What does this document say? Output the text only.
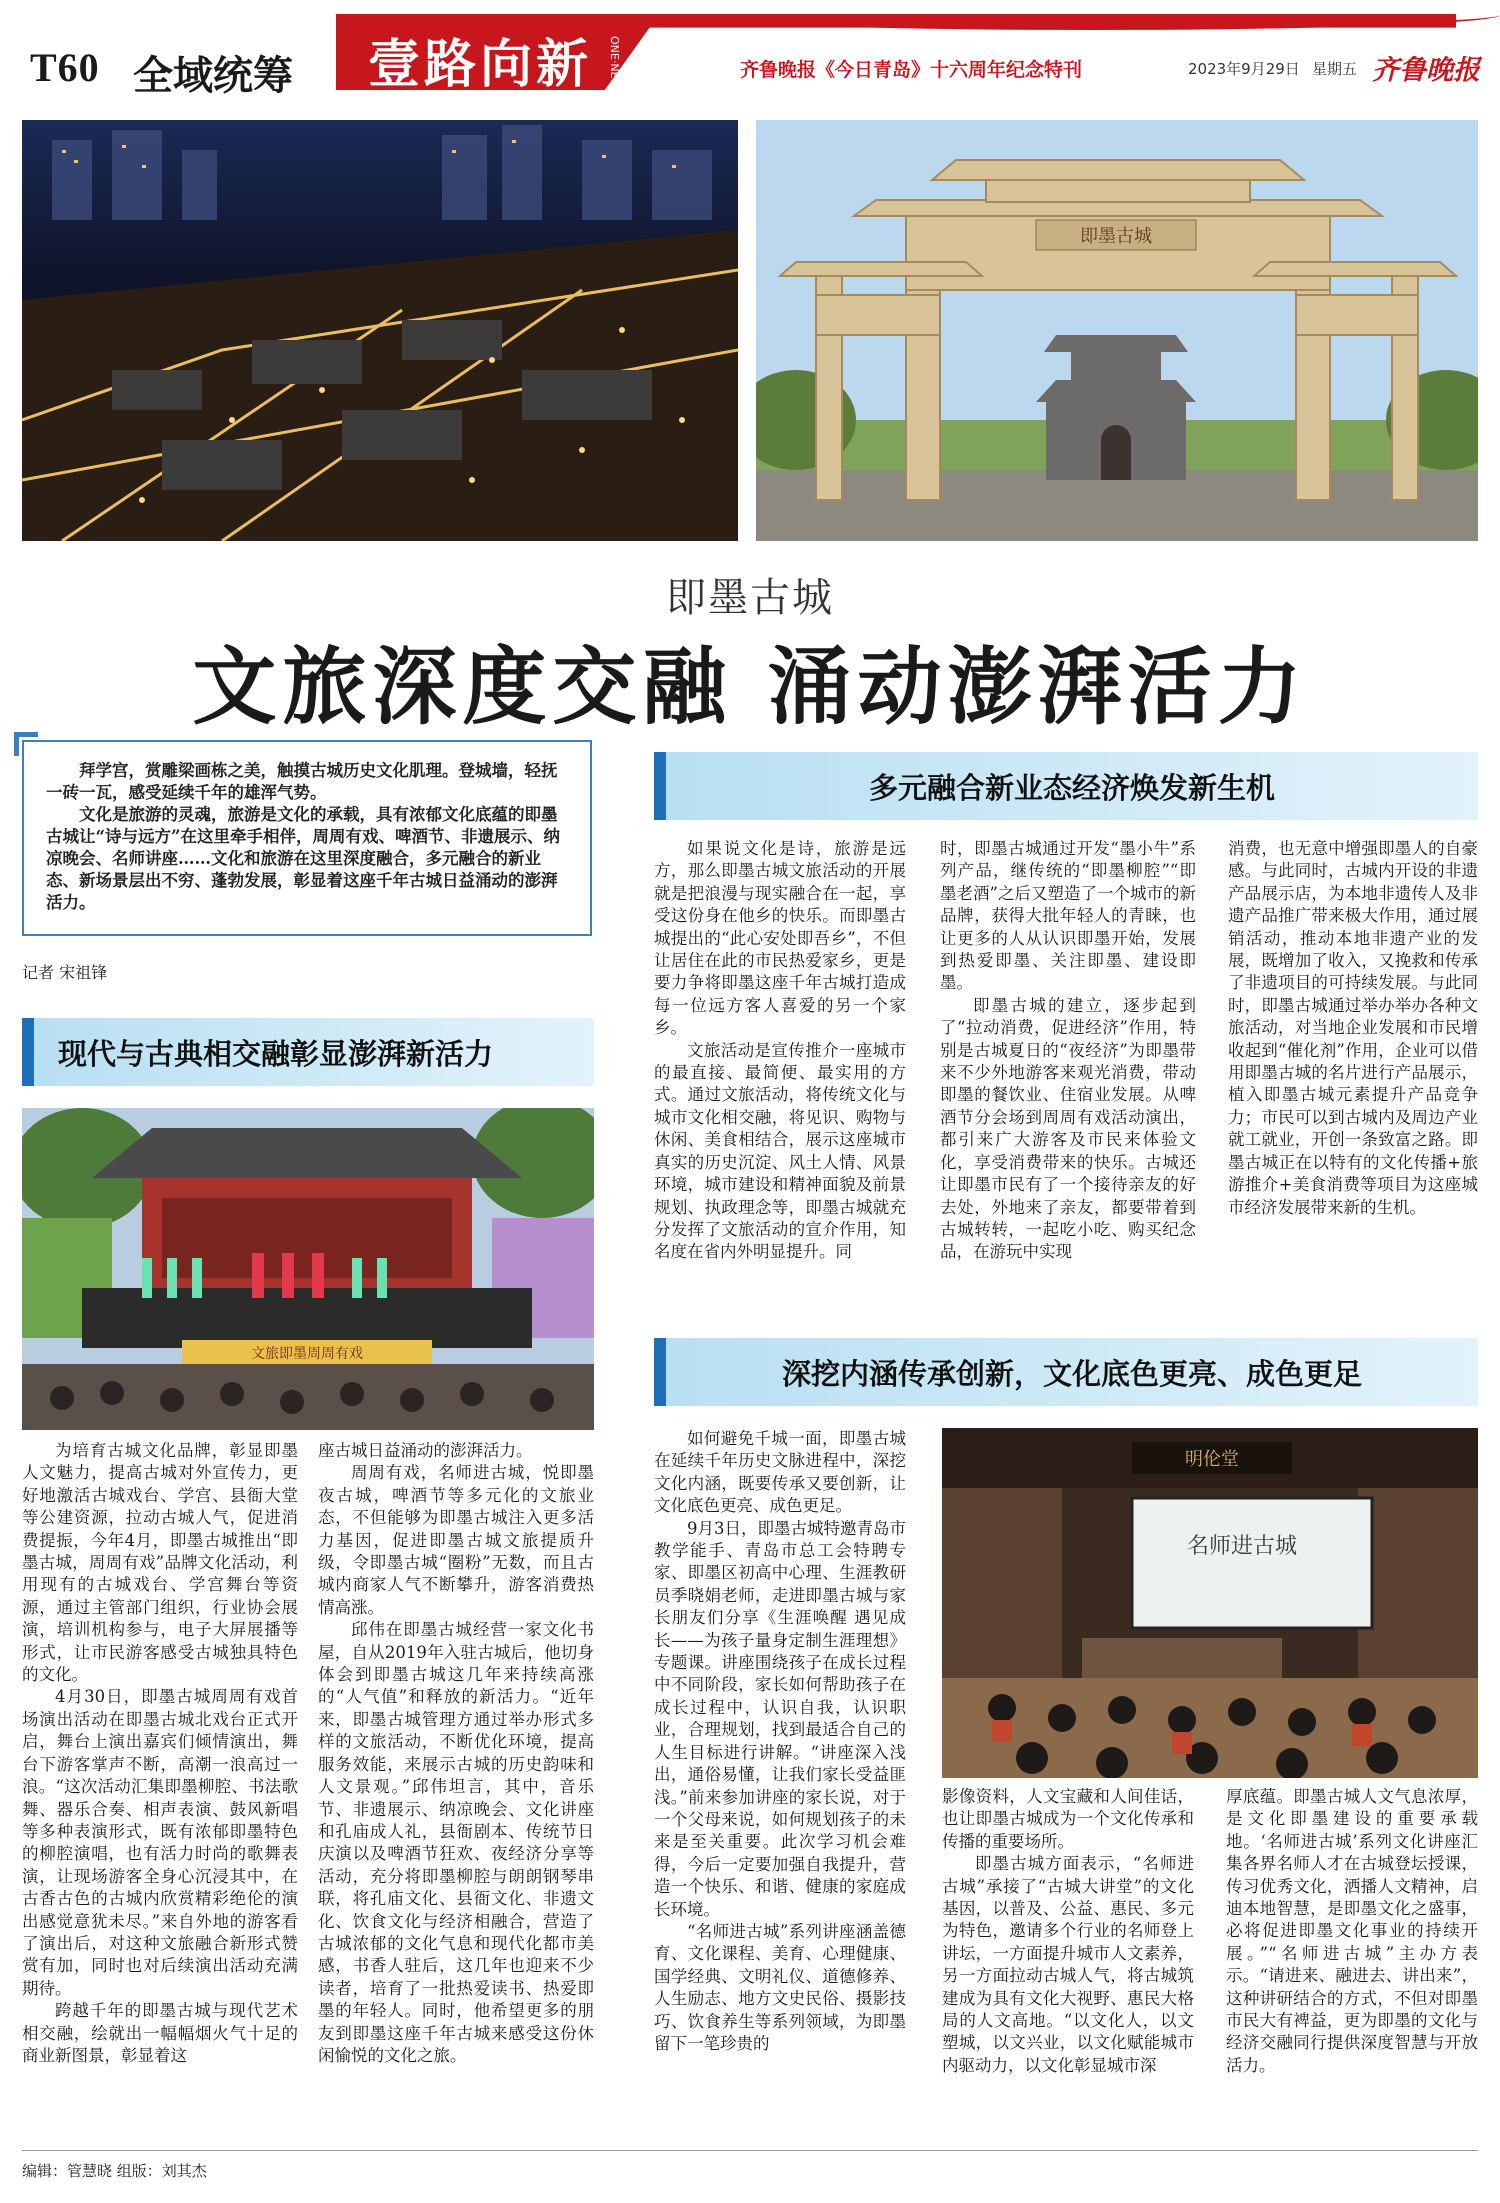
T60 全域统筹 壹路向新 ONE·NEWS	齐鲁晚报《今日青岛》十六周年纪念特刊	2023年9月29日 星期五 齐鲁晚报
即墨古城
即墨古城
文旅深度交融 涌动澎湃活力

拜学宫，赏雕梁画栋之美，触摸古城历史文化肌理。登城墙，轻抚一砖一瓦，感受延续千年的雄浑气势。

文化是旅游的灵魂，旅游是文化的承载，具有浓郁文化底蕴的即墨古城让“诗与远方”在这里牵手相伴，周周有戏、啤酒节、非遗展示、纳凉晚会、名师讲座……文化和旅游在这里深度融合，多元融合的新业态、新场景层出不穷、蓬勃发展，彰显着这座千年古城日益涌动的澎湃活力。

记者 宋祖锋
现代与古典相交融彰显澎湃新活力
文旅即墨周周有戏

为培育古城文化品牌，彰显即墨人文魅力，提高古城对外宣传力，更好地激活古城戏台、学宫、县衙大堂等公建资源，拉动古城人气，促进消费提振，今年4月，即墨古城推出“即墨古城，周周有戏”品牌文化活动，利用现有的古城戏台、学宫舞台等资源，通过主管部门组织，行业协会展演，培训机构参与，电子大屏展播等形式，让市民游客感受古城独具特色的文化。

4月30日，即墨古城周周有戏首场演出活动在即墨古城北戏台正式开启，舞台上演出嘉宾们倾情演出，舞台下游客掌声不断，高潮一浪高过一浪。“这次活动汇集即墨柳腔、书法歌舞、器乐合奏、相声表演、鼓风新唱等多种表演形式，既有浓郁即墨特色的柳腔演唱，也有活力时尚的歌舞表演，让现场游客全身心沉浸其中，在古香古色的古城内欣赏精彩绝伦的演出感觉意犹未尽。”来自外地的游客看了演出后，对这种文旅融合新形式赞赏有加，同时也对后续演出活动充满期待。

跨越千年的即墨古城与现代艺术相交融，绘就出一幅幅烟火气十足的商业新图景，彰显着这

座古城日益涌动的澎湃活力。

周周有戏，名师进古城，悦即墨夜古城，啤酒节等多元化的文旅业态，不但能够为即墨古城注入更多活力基因，促进即墨古城文旅提质升级，令即墨古城“圈粉”无数，而且古城内商家人气不断攀升，游客消费热情高涨。

邱伟在即墨古城经营一家文化书屋，自从2019年入驻古城后，他切身体会到即墨古城这几年来持续高涨的“人气值”和释放的新活力。“近年来，即墨古城管理方通过举办形式多样的文旅活动，不断优化环境，提高服务效能，来展示古城的历史韵味和人文景观。”邱伟坦言，其中，音乐节、非遗展示、纳凉晚会、文化讲座和孔庙成人礼，县衙剧本、传统节日庆演以及啤酒节狂欢、夜经济分享等活动，充分将即墨柳腔与朗朗钢琴串联，将孔庙文化、县衙文化、非遗文化、饮食文化与经济相融合，营造了古城浓郁的文化气息和现代化都市美感，书香人驻后，这几年也迎来不少读者，培育了一批热爱读书、热爱即墨的年轻人。同时，他希望更多的朋友到即墨这座千年古城来感受这份休闲愉悦的文化之旅。

多元融合新业态经济焕发新生机

如果说文化是诗，旅游是远方，那么即墨古城文旅活动的开展就是把浪漫与现实融合在一起，享受这份身在他乡的快乐。而即墨古城提出的“此心安处即吾乡”，不但让居住在此的市民热爱家乡，更是要力争将即墨这座千年古城打造成每一位远方客人喜爱的另一个家乡。

文旅活动是宣传推介一座城市的最直接、最简便、最实用的方式。通过文旅活动，将传统文化与城市文化相交融，将见识、购物与休闲、美食相结合，展示这座城市真实的历史沉淀、风土人情、风景环境，城市建设和精神面貌及前景规划、执政理念等，即墨古城就充分发挥了文旅活动的宣介作用，知名度在省内外明显提升。同

时，即墨古城通过开发“墨小牛”系列产品，继传统的“即墨柳腔”“即墨老酒”之后又塑造了一个城市的新品牌，获得大批年轻人的青睐，也让更多的人从认识即墨开始，发展到热爱即墨、关注即墨、建设即墨。

即墨古城的建立，逐步起到了“拉动消费，促进经济”作用，特别是古城夏日的“夜经济”为即墨带来不少外地游客来观光消费，带动即墨的餐饮业、住宿业发展。从啤酒节分会场到周周有戏活动演出，都引来广大游客及市民来体验文化，享受消费带来的快乐。古城还让即墨市民有了一个接待亲友的好去处，外地来了亲友，都要带着到古城转转，一起吃小吃、购买纪念品，在游玩中实现

消费，也无意中增强即墨人的自豪感。与此同时，古城内开设的非遗产品展示店，为本地非遗传人及非遗产品推广带来极大作用，通过展销活动，推动本地非遗产业的发展，既增加了收入，又挽救和传承了非遗项目的可持续发展。与此同时，即墨古城通过举办举办各种文旅活动，对当地企业发展和市民增收起到“催化剂”作用，企业可以借用即墨古城的名片进行产品展示，植入即墨古城元素提升产品竞争力；市民可以到古城内及周边产业就工就业，开创一条致富之路。即墨古城正在以特有的文化传播+旅游推介+美食消费等项目为这座城市经济发展带来新的生机。

深挖内涵传承创新，文化底色更亮、成色更足

如何避免千城一面，即墨古城在延续千年历史文脉进程中，深挖文化内涵，既要传承又要创新，让文化底色更亮、成色更足。

9月3日，即墨古城特邀青岛市教学能手、青岛市总工会特聘专家、即墨区初高中心理、生涯教研员季晓娟老师，走进即墨古城与家长朋友们分享《生涯唤醒 遇见成长——为孩子量身定制生涯理想》专题课。讲座围绕孩子在成长过程中不同阶段，家长如何帮助孩子在成长过程中，认识自我，认识职业，合理规划，找到最适合自己的人生目标进行讲解。“讲座深入浅出，通俗易懂，让我们家长受益匪浅。”前来参加讲座的家长说，对于一个父母来说，如何规划孩子的未来是至关重要。此次学习机会难得，今后一定要加强自我提升，营造一个快乐、和谐、健康的家庭成长环境。

“名师进古城”系列讲座涵盖德育、文化课程、美育、心理健康、国学经典、文明礼仪、道德修养、人生励志、地方文史民俗、摄影技巧、饮食养生等系列领域，为即墨留下一笔珍贵的

明伦堂
名师进古城

影像资料，人文宝藏和人间佳话，也让即墨古城成为一个文化传承和传播的重要场所。

即墨古城方面表示，“名师进古城”承接了“古城大讲堂”的文化基因，以普及、公益、惠民、多元为特色，邀请多个行业的名师登上讲坛，一方面提升城市人文素养，另一方面拉动古城人气，将古城筑建成为具有文化大视野、惠民大格局的人文高地。“以文化人，以文塑城，以文兴业，以文化赋能城市内驱动力，以文化彰显城市深

厚底蕴。即墨古城人文气息浓厚，是文化即墨建设的重要承载地。‘名师进古城’系列文化讲座汇集各界名师人才在古城登坛授课，传习优秀文化，洒播人文精神，启迪本地智慧，是即墨文化之盛事，必将促进即墨文化事业的持续开展。”“名师进古城”主办方表示。“请进来、融进去、讲出来”，这种讲研结合的方式，不但对即墨市民大有裨益，更为即墨的文化与经济交融同行提供深度智慧与开放活力。

编辑：管慧晓 组版：刘其杰
